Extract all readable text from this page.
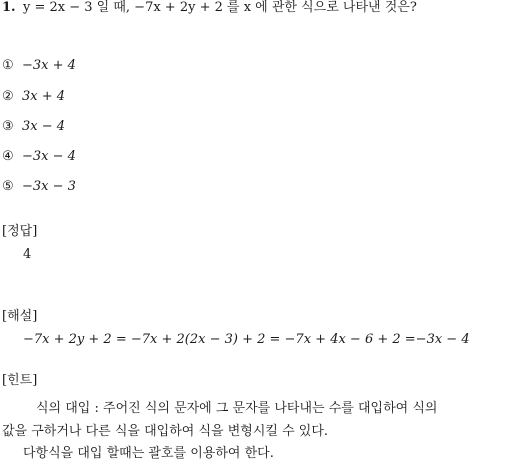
1. y = 2x − 3 일 때, −7x + 2y + 2 를 x 에 관한 식으로 나타낸 것은?
① −3x + 4
② 3x + 4
③ 3x − 4
④ −3x − 4
⑤ −3x − 3
[정답]
4
[해설]
−7x + 2y + 2 = −7x + 2(2x − 3) + 2 = −7x + 4x − 6 + 2 =−3x − 4
[힌트]
식의 대입 : 주어진 식의 문자에 그 문자를 나타내는 수를 대입하여 식의
값을 구하거나 다른 식을 대입하여 식을 변형시킬 수 있다.
다항식을 대입 할때는 괄호를 이용하여 한다.
